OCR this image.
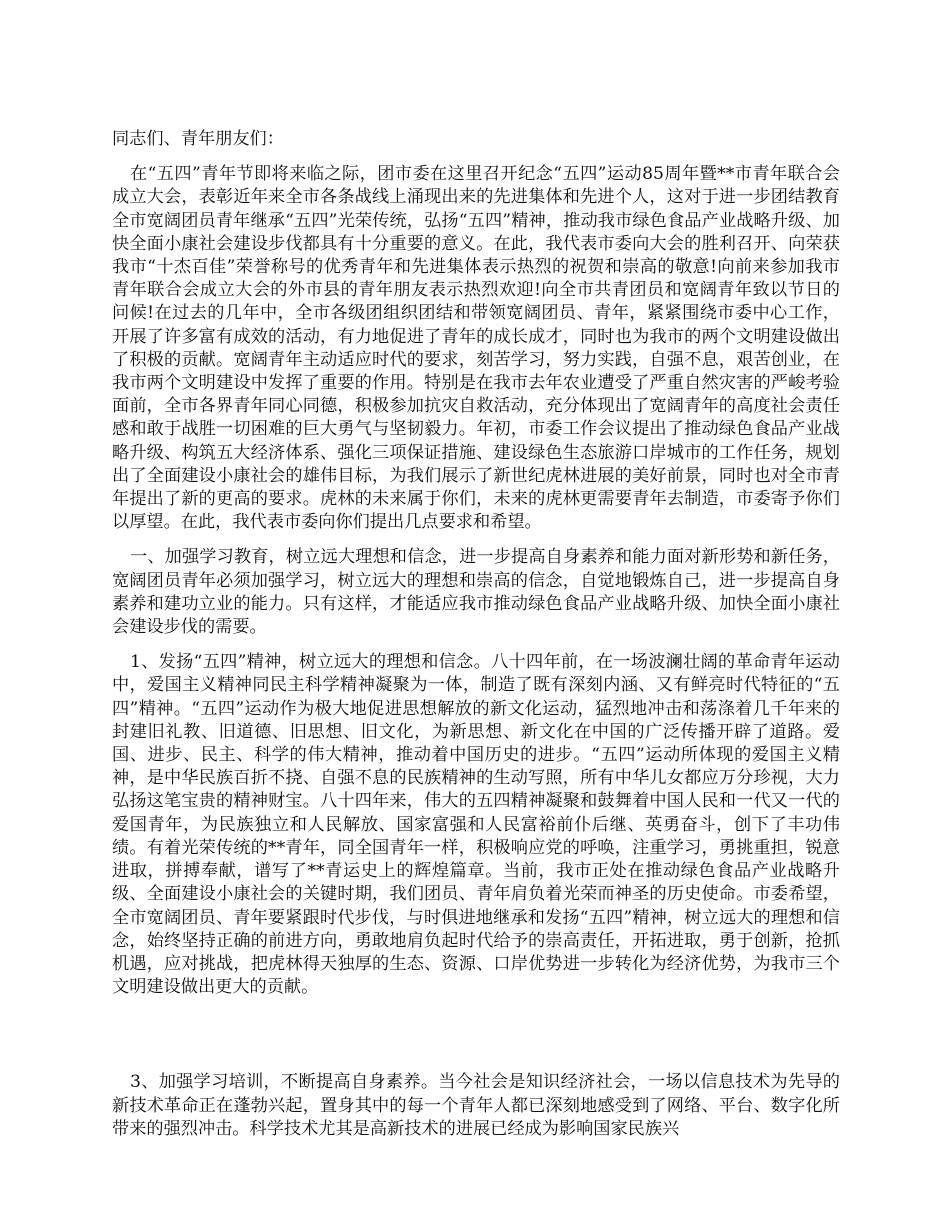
同志们、青年朋友们：

在“五四”青年节即将来临之际，团市委在这里召开纪念“五四”运动85周年暨**市青年联合会成立大会，表彰近年来全市各条战线上涌现出来的先进集体和先进个人，这对于进一步团结教育全市宽阔团员青年继承“五四”光荣传统，弘扬“五四”精神，推动我市绿色食品产业战略升级、加快全面小康社会建设步伐都具有十分重要的意义。在此，我代表市委向大会的胜利召开、向荣获我市“十杰百佳”荣誉称号的优秀青年和先进集体表示热烈的祝贺和崇高的敬意!向前来参加我市青年联合会成立大会的外市县的青年朋友表示热烈欢迎!向全市共青团员和宽阔青年致以节日的问候!在过去的几年中，全市各级团组织团结和带领宽阔团员、青年，紧紧围绕市委中心工作，开展了许多富有成效的活动，有力地促进了青年的成长成才，同时也为我市的两个文明建设做出了积极的贡献。宽阔青年主动适应时代的要求，刻苦学习，努力实践，自强不息，艰苦创业，在我市两个文明建设中发挥了重要的作用。特别是在我市去年农业遭受了严重自然灾害的严峻考验面前，全市各界青年同心同德，积极参加抗灾自救活动，充分体现出了宽阔青年的高度社会责任感和敢于战胜一切困难的巨大勇气与坚韧毅力。年初，市委工作会议提出了推动绿色食品产业战略升级、构筑五大经济体系、强化三项保证措施、建设绿色生态旅游口岸城市的工作任务，规划出了全面建设小康社会的雄伟目标，为我们展示了新世纪虎林进展的美好前景，同时也对全市青年提出了新的更高的要求。虎林的未来属于你们，未来的虎林更需要青年去制造，市委寄予你们以厚望。在此，我代表市委向你们提出几点要求和希望。

一、加强学习教育，树立远大理想和信念，进一步提高自身素养和能力面对新形势和新任务，宽阔团员青年必须加强学习，树立远大的理想和崇高的信念，自觉地锻炼自己，进一步提高自身素养和建功立业的能力。只有这样，才能适应我市推动绿色食品产业战略升级、加快全面小康社会建设步伐的需要。

1、发扬“五四”精神，树立远大的理想和信念。八十四年前，在一场波澜壮阔的革命青年运动中，爱国主义精神同民主科学精神凝聚为一体，制造了既有深刻内涵、又有鲜亮时代特征的“五四”精神。“五四”运动作为极大地促进思想解放的新文化运动，猛烈地冲击和荡涤着几千年来的封建旧礼教、旧道德、旧思想、旧文化，为新思想、新文化在中国的广泛传播开辟了道路。爱国、进步、民主、科学的伟大精神，推动着中国历史的进步。“五四”运动所体现的爱国主义精神，是中华民族百折不挠、自强不息的民族精神的生动写照，所有中华儿女都应万分珍视，大力弘扬这笔宝贵的精神财宝。八十四年来，伟大的五四精神凝聚和鼓舞着中国人民和一代又一代的爱国青年，为民族独立和人民解放、国家富强和人民富裕前仆后继、英勇奋斗，创下了丰功伟绩。有着光荣传统的**青年，同全国青年一样，积极响应党的呼唤，注重学习，勇挑重担，锐意进取，拼搏奉献，谱写了**青运史上的辉煌篇章。当前，我市正处在推动绿色食品产业战略升级、全面建设小康社会的关键时期，我们团员、青年肩负着光荣而神圣的历史使命。市委希望，全市宽阔团员、青年要紧跟时代步伐，与时俱进地继承和发扬“五四”精神，树立远大的理想和信念，始终坚持正确的前进方向，勇敢地肩负起时代给予的崇高责任，开拓进取，勇于创新，抢抓机遇，应对挑战，把虎林得天独厚的生态、资源、口岸优势进一步转化为经济优势，为我市三个文明建设做出更大的贡献。

3、加强学习培训，不断提高自身素养。当今社会是知识经济社会，一场以信息技术为先导的新技术革命正在蓬勃兴起，置身其中的每一个青年人都已深刻地感受到了网络、平台、数字化所带来的强烈冲击。科学技术尤其是高新技术的进展已经成为影响国家民族兴
